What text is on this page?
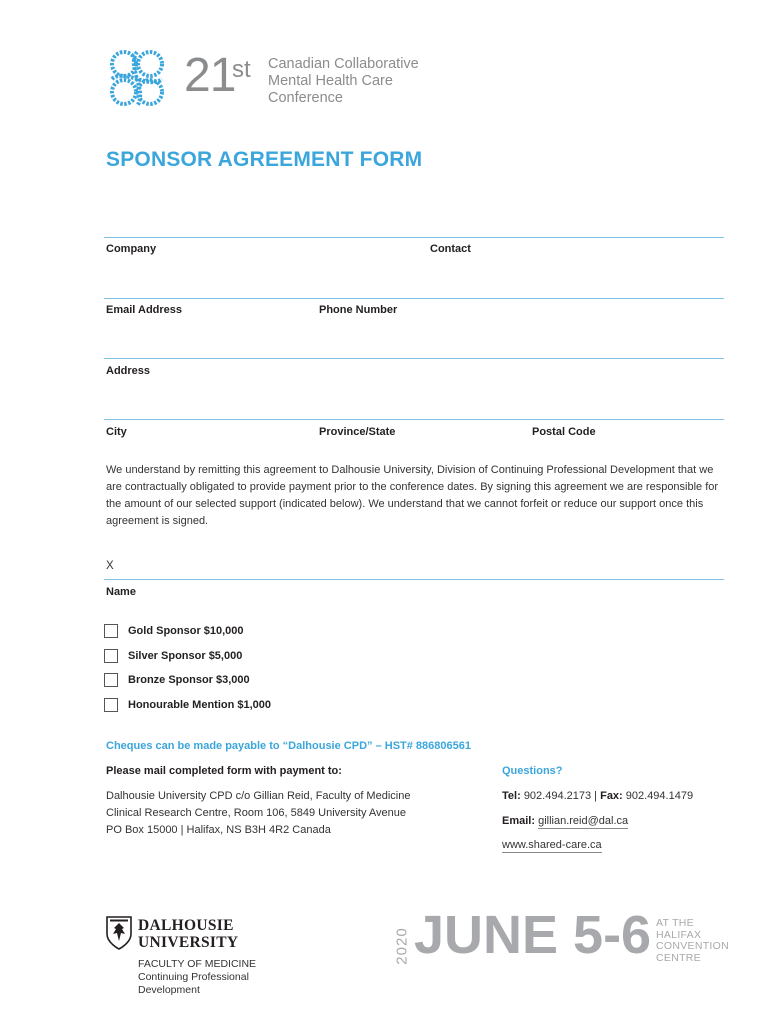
21
st Canadian Collaborative
Mental Health Care
Conference
SPONSOR AGREEMENT FORM
Company	Contact
Email Address	Phone Number
Address
City	Province/State	Postal Code
We understand by remitting this agreement to Dalhousie University, Division of Continuing Professional Development that we are contractually obligated to provide payment prior to the conference dates. By signing this agreement we are responsible for the amount of our selected support (indicated below). We understand that we cannot forfeit or reduce our support once this agreement is signed.
X
Name
Gold Sponsor $10,000
Silver Sponsor $5,000
Bronze Sponsor $3,000
Honourable Mention $1,000
Cheques can be made payable to “Dalhousie CPD” – HST# 886806561
Please mail completed form with payment to:
Dalhousie University CPD c/o Gillian Reid, Faculty of Medicine
Clinical Research Centre, Room 106, 5849 University Avenue
PO Box 15000 | Halifax, NS B3H 4R2 Canada
Questions?
Tel: 902.494.2173 | Fax: 902.494.1479
Email: gillian.reid@dal.ca
www.shared-care.ca
DALHOUSIE
UNIVERSITY
FACULTY OF MEDICINE
Continuing Professional
Development
2020 JUNE 5-6 AT THE
HALIFAX
CONVENTION
CENTRE
